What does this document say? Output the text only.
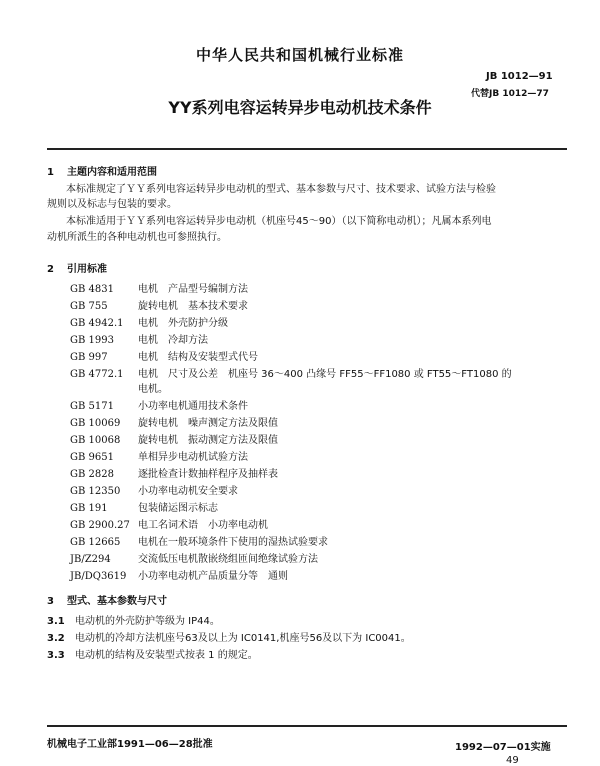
中华人民共和国机械行业标准
JB 1012—91
代替JB 1012—77
YY系列电容运转异步电动机技术条件
1 主题内容和适用范围
本标准规定了ＹＹ系列电容运转异步电动机的型式、基本参数与尺寸、技术要求、试验方法与检验
规则以及标志与包装的要求。
本标准适用于ＹＹ系列电容运转异步电动机（机座号45～90）（以下简称电动机）；凡属本系列电
动机所派生的各种电动机也可参照执行。
2 引用标准
GB 4831 电机　产品型号编制方法
GB 755	旋转电机　基本技术要求
GB 4942.1 电机　外壳防护分级
GB 1993 电机　冷却方法
GB 997	电机　结构及安装型式代号
GB 4772.1 电机　尺寸及公差　机座号 36～400 凸缘号 FF55～FF1080 或 FT55～FT1080 的
电机。
GB 5171 小功率电机通用技术条件
GB 10069 旋转电机　噪声测定方法及限值
GB 10068 旋转电机　振动测定方法及限值
GB 9651 单相异步电动机试验方法
GB 2828 逐批检查计数抽样程序及抽样表
GB 12350 小功率电动机安全要求
GB 191	包装储运图示标志
GB 2900.27 电工名词术语　小功率电动机
GB 12665 电机在一般环境条件下使用的湿热试验要求
JB/Z294	交流低压电机散嵌绕组匝间绝缘试验方法
JB/DQ3619 小功率电动机产品质量分等　通则
3 型式、基本参数与尺寸
3.1 电动机的外壳防护等级为 IP44。
3.2 电动机的冷却方法机座号63及以上为 IC0141,机座号56及以下为 IC0041。
3.3 电动机的结构及安装型式按表 1 的规定。
机械电子工业部1991—06—28批准	1992—07—01实施
49
